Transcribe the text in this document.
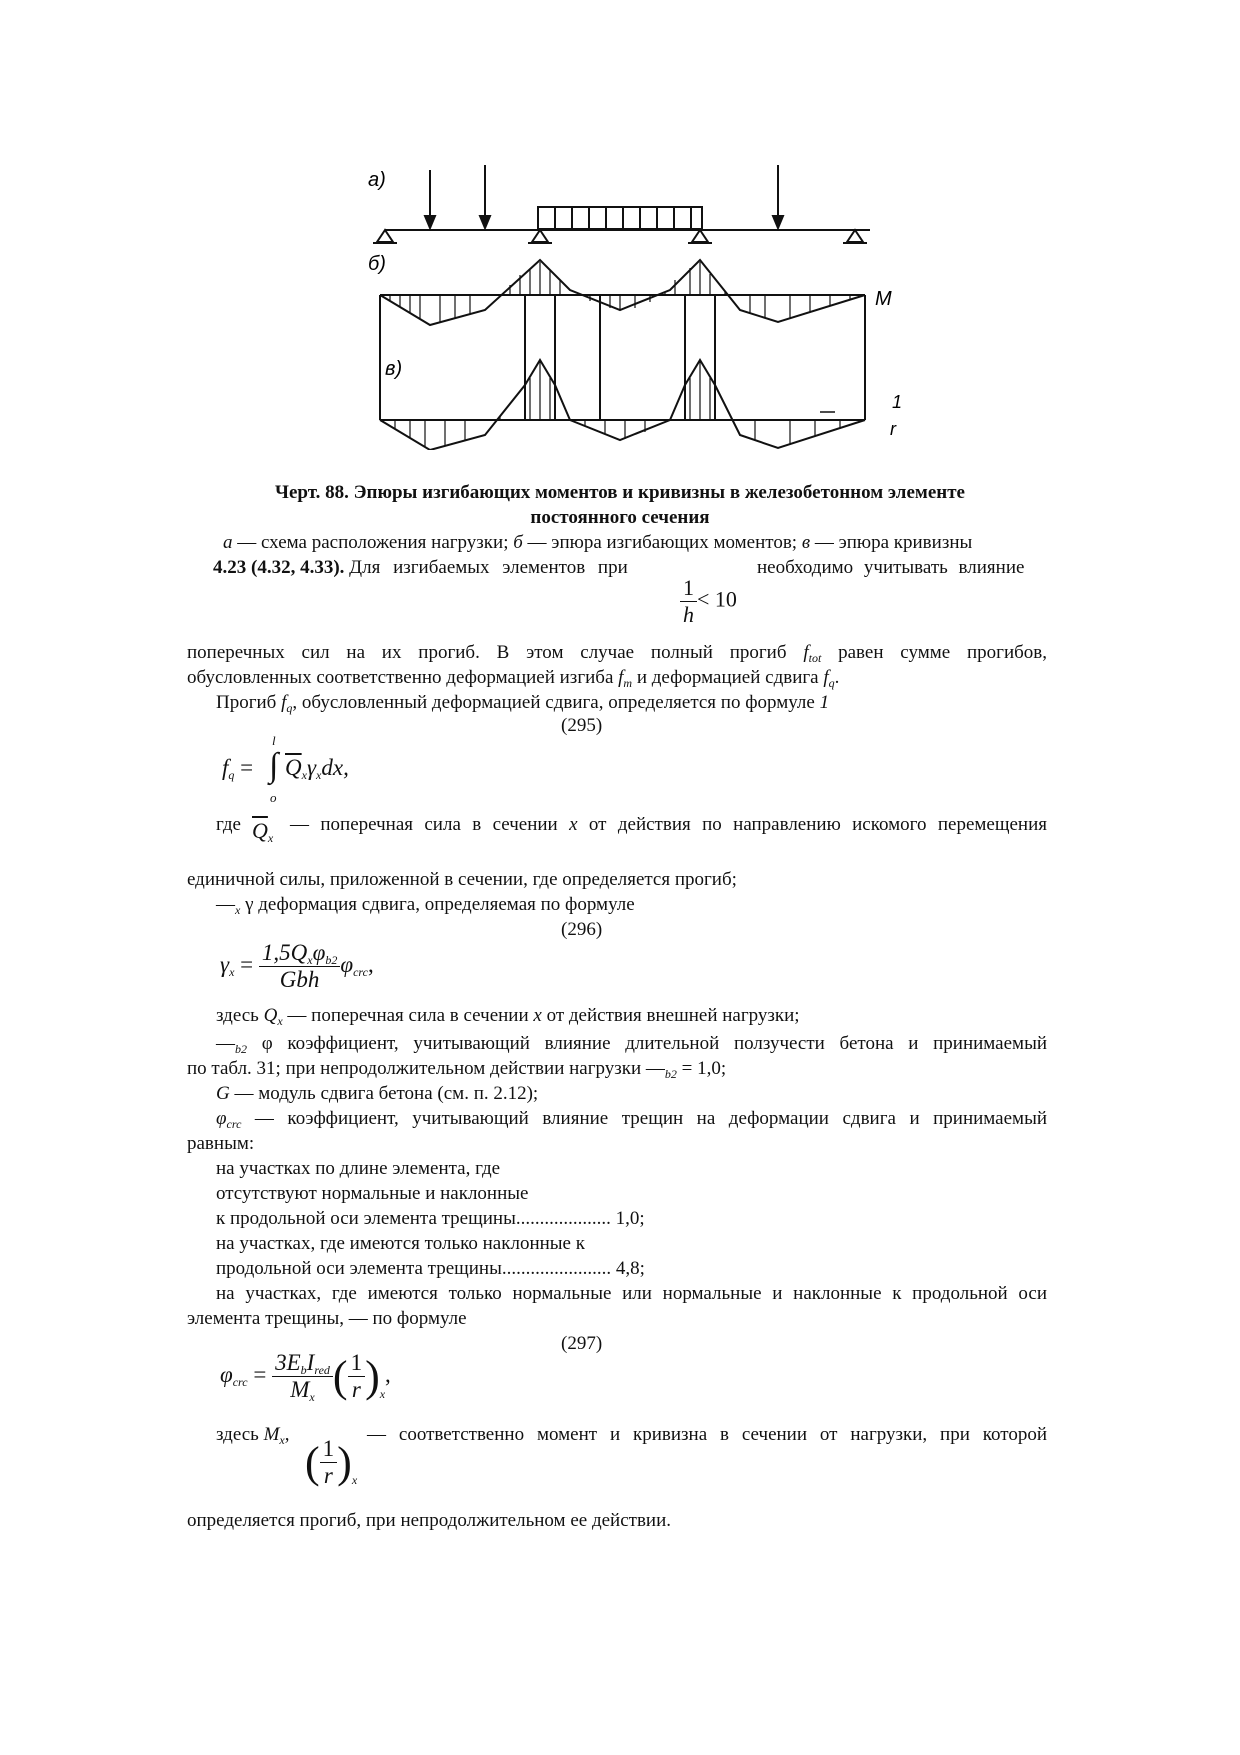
а)
б)
в)
M
1
r
Черт. 88. Эпюры изгибающих моментов и кривизны в железобетонном элементе
постоянного сечения
а — схема расположения нагрузки; б — эпюра изгибающих моментов; в — эпюра кривизны
4.23 (4.32, 4.33). Для изгибаемых элементов при	необходимо учитывать влияние
$\frac{1}{h} < 10$
поперечных сил на их прогиб. В этом случае полный прогиб $f_{tot}$ равен сумме прогибов,
обусловленных соответственно деформацией изгиба $f_m$ и деформацией сдвига $f_q$.
Прогиб $f_q$, обусловленный деформацией сдвига, определяется по формуле 1
(295)
fq = ∫
l
o
$\overline{Q}x\gamma xdx$,
где $\overline{Q}x$
— поперечная сила в сечении x от действия по направлению искомого перемещения
единичной силы, приложенной в сечении, где определяется прогиб;
$—_x$ γ деформация сдвига, определяемая по формуле
(296)
$\gamma x = \frac{\text{1,5Qxφb2}}{\text{Gbh}} \varphi crc$,
здесь $Q_x$ — поперечная сила в сечении x от действия внешней нагрузки;
$—_{b2}$ φ коэффициент, учитывающий влияние длительной ползучести бетона и принимаемый
по табл. 31; при непродолжительном действии нагрузки $—_{b2} = 1,0$;
G — модуль сдвига бетона (см. п. 2.12);
$\varphi_{crc}$ — коэффициент, учитывающий влияние трещин на деформации сдвига и принимаемый
равным:
на участках по длине элемента, где
отсутствуют нормальные и наклонные
к продольной оси элемента трещины.................... 1,0;
на участках, где имеются только наклонные к
продольной оси элемента трещины....................... 4,8;
на участках, где имеются только нормальные или нормальные и наклонные к продольной оси
элемента трещины, — по формуле
(297)
$\varphi crc = \frac{\text{3EbIred}}{Mx}$ ( $\frac{1}{r} )_x$,
здесь $M_x$,	— соответственно момент и кривизна в сечении от нагрузки, при которой
( $\frac{1}{r} )_x$
определяется прогиб, при непродолжительном ее действии.
